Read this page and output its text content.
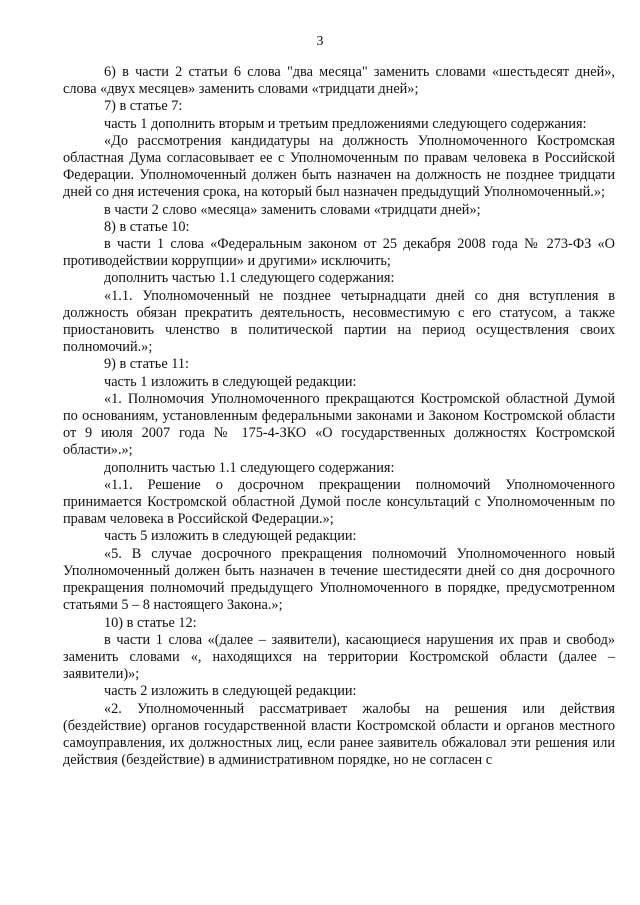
3

6) в части 2 статьи 6 слова "два месяца" заменить словами «шестьдесят дней», слова «двух месяцев» заменить словами «тридцати дней»;

7) в статье 7:

часть 1 дополнить вторым и третьим предложениями следующего содержания:

«До рассмотрения кандидатуры на должность Уполномоченного Костромская областная Дума согласовывает ее с Уполномоченным по правам человека в Российской Федерации. Уполномоченный должен быть назначен на должность не позднее тридцати дней со дня истечения срока, на который был назначен предыдущий Уполномоченный.»;

в части 2 слово «месяца» заменить словами «тридцати дней»;

8) в статье 10:

в части 1 слова «Федеральным законом от 25 декабря 2008 года № 273-ФЗ «О противодействии коррупции» и другими» исключить;

дополнить частью 1.1 следующего содержания:

«1.1. Уполномоченный не позднее четырнадцати дней со дня вступления в должность обязан прекратить деятельность, несовместимую с его статусом, а также приостановить членство в политической партии на период осуществления своих полномочий.»;

9) в статье 11:

часть 1 изложить в следующей редакции:

«1. Полномочия Уполномоченного прекращаются Костромской областной Думой по основаниям, установленным федеральными законами и Законом Костромской области от 9 июля 2007 года № 175-4-ЗКО «О государственных должностях Костромской области».»;

дополнить частью 1.1 следующего содержания:

«1.1. Решение о досрочном прекращении полномочий Уполномоченного принимается Костромской областной Думой после консультаций с Уполномоченным по правам человека в Российской Федерации.»;

часть 5 изложить в следующей редакции:

«5. В случае досрочного прекращения полномочий Уполномоченного новый Уполномоченный должен быть назначен в течение шестидесяти дней со дня досрочного прекращения полномочий предыдущего Уполномоченного в порядке, предусмотренном статьями 5 – 8 настоящего Закона.»;

10) в статье 12:

в части 1 слова «(далее – заявители), касающиеся нарушения их прав и свобод» заменить словами «, находящихся на территории Костромской области (далее – заявители)»;

часть 2 изложить в следующей редакции:

«2. Уполномоченный рассматривает жалобы на решения или действия (бездействие) органов государственной власти Костромской области и органов местного самоуправления, их должностных лиц, если ранее заявитель обжаловал эти решения или действия (бездействие) в административном порядке, но не согласен с
